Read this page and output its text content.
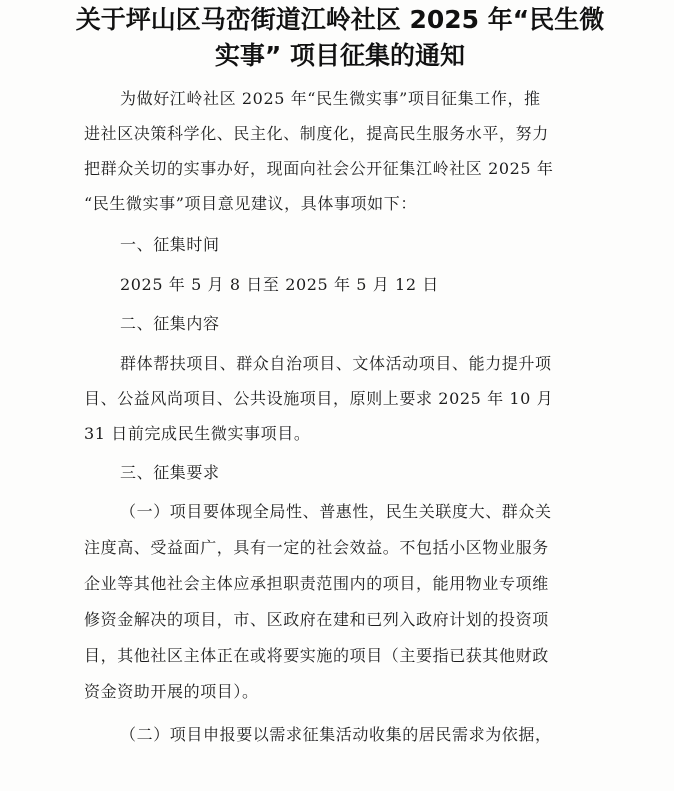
关于坪山区马峦街道江岭社区 2025 年“民生微
实事” 项目征集的通知
为做好江岭社区 2025 年“民生微实事”项目征集工作，推
进社区决策科学化、民主化、制度化，提高民生服务水平，努力
把群众关切的实事办好，现面向社会公开征集江岭社区 2025 年
“民生微实事”项目意见建议，具体事项如下：
一、征集时间
2025 年 5 月 8 日至 2025 年 5 月 12 日
二、征集内容
群体帮扶项目、群众自治项目、文体活动项目、能力提升项
目、公益风尚项目、公共设施项目，原则上要求 2025 年 10 月
31 日前完成民生微实事项目。
三、征集要求
（一）项目要体现全局性、普惠性，民生关联度大、群众关
注度高、受益面广，具有一定的社会效益。不包括小区物业服务
企业等其他社会主体应承担职责范围内的项目，能用物业专项维
修资金解决的项目，市、区政府在建和已列入政府计划的投资项
目，其他社区主体正在或将要实施的项目（主要指已获其他财政
资金资助开展的项目）。
（二）项目申报要以需求征集活动收集的居民需求为依据，
